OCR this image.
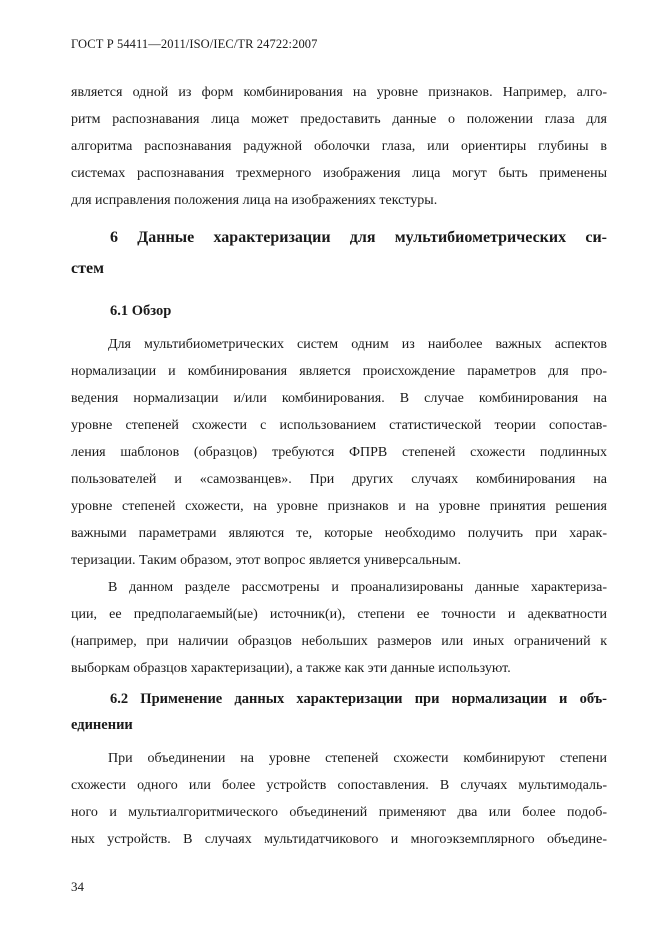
ГОСТ Р 54411—2011/ISO/IEC/TR 24722:2007
является одной из форм комбинирования на уровне признаков. Например, алго-
ритм распознавания лица может предоставить данные о положении глаза для
алгоритма распознавания радужной оболочки глаза, или ориентиры глубины в
системах распознавания трехмерного изображения лица могут быть применены
для исправления положения лица на изображениях текстуры.
6 Данные характеризации для мультибиометрических си-
стем
6.1 Обзор
Для мультибиометрических систем одним из наиболее важных аспектов
нормализации и комбинирования является происхождение параметров для про-
ведения нормализации и/или комбинирования. В случае комбинирования на
уровне степеней схожести с использованием статистической теории сопостав-
ления шаблонов (образцов) требуются ФПРВ степеней схожести подлинных
пользователей и «самозванцев». При других случаях комбинирования на
уровне степеней схожести, на уровне признаков и на уровне принятия решения
важными параметрами являются те, которые необходимо получить при харак-
теризации. Таким образом, этот вопрос является универсальным.
В данном разделе рассмотрены и проанализированы данные характериза-
ции, ее предполагаемый(ые) источник(и), степени ее точности и адекватности
(например, при наличии образцов небольших размеров или иных ограничений к
выборкам образцов характеризации), а также как эти данные используют.
6.2 Применение данных характеризации при нормализации и объ-
единении
При объединении на уровне степеней схожести комбинируют степени
схожести одного или более устройств сопоставления. В случаях мультимодаль-
ного и мультиалгоритмического объединений применяют два или более подоб-
ных устройств. В случаях мультидатчикового и многоэкземплярного объедине-
34
